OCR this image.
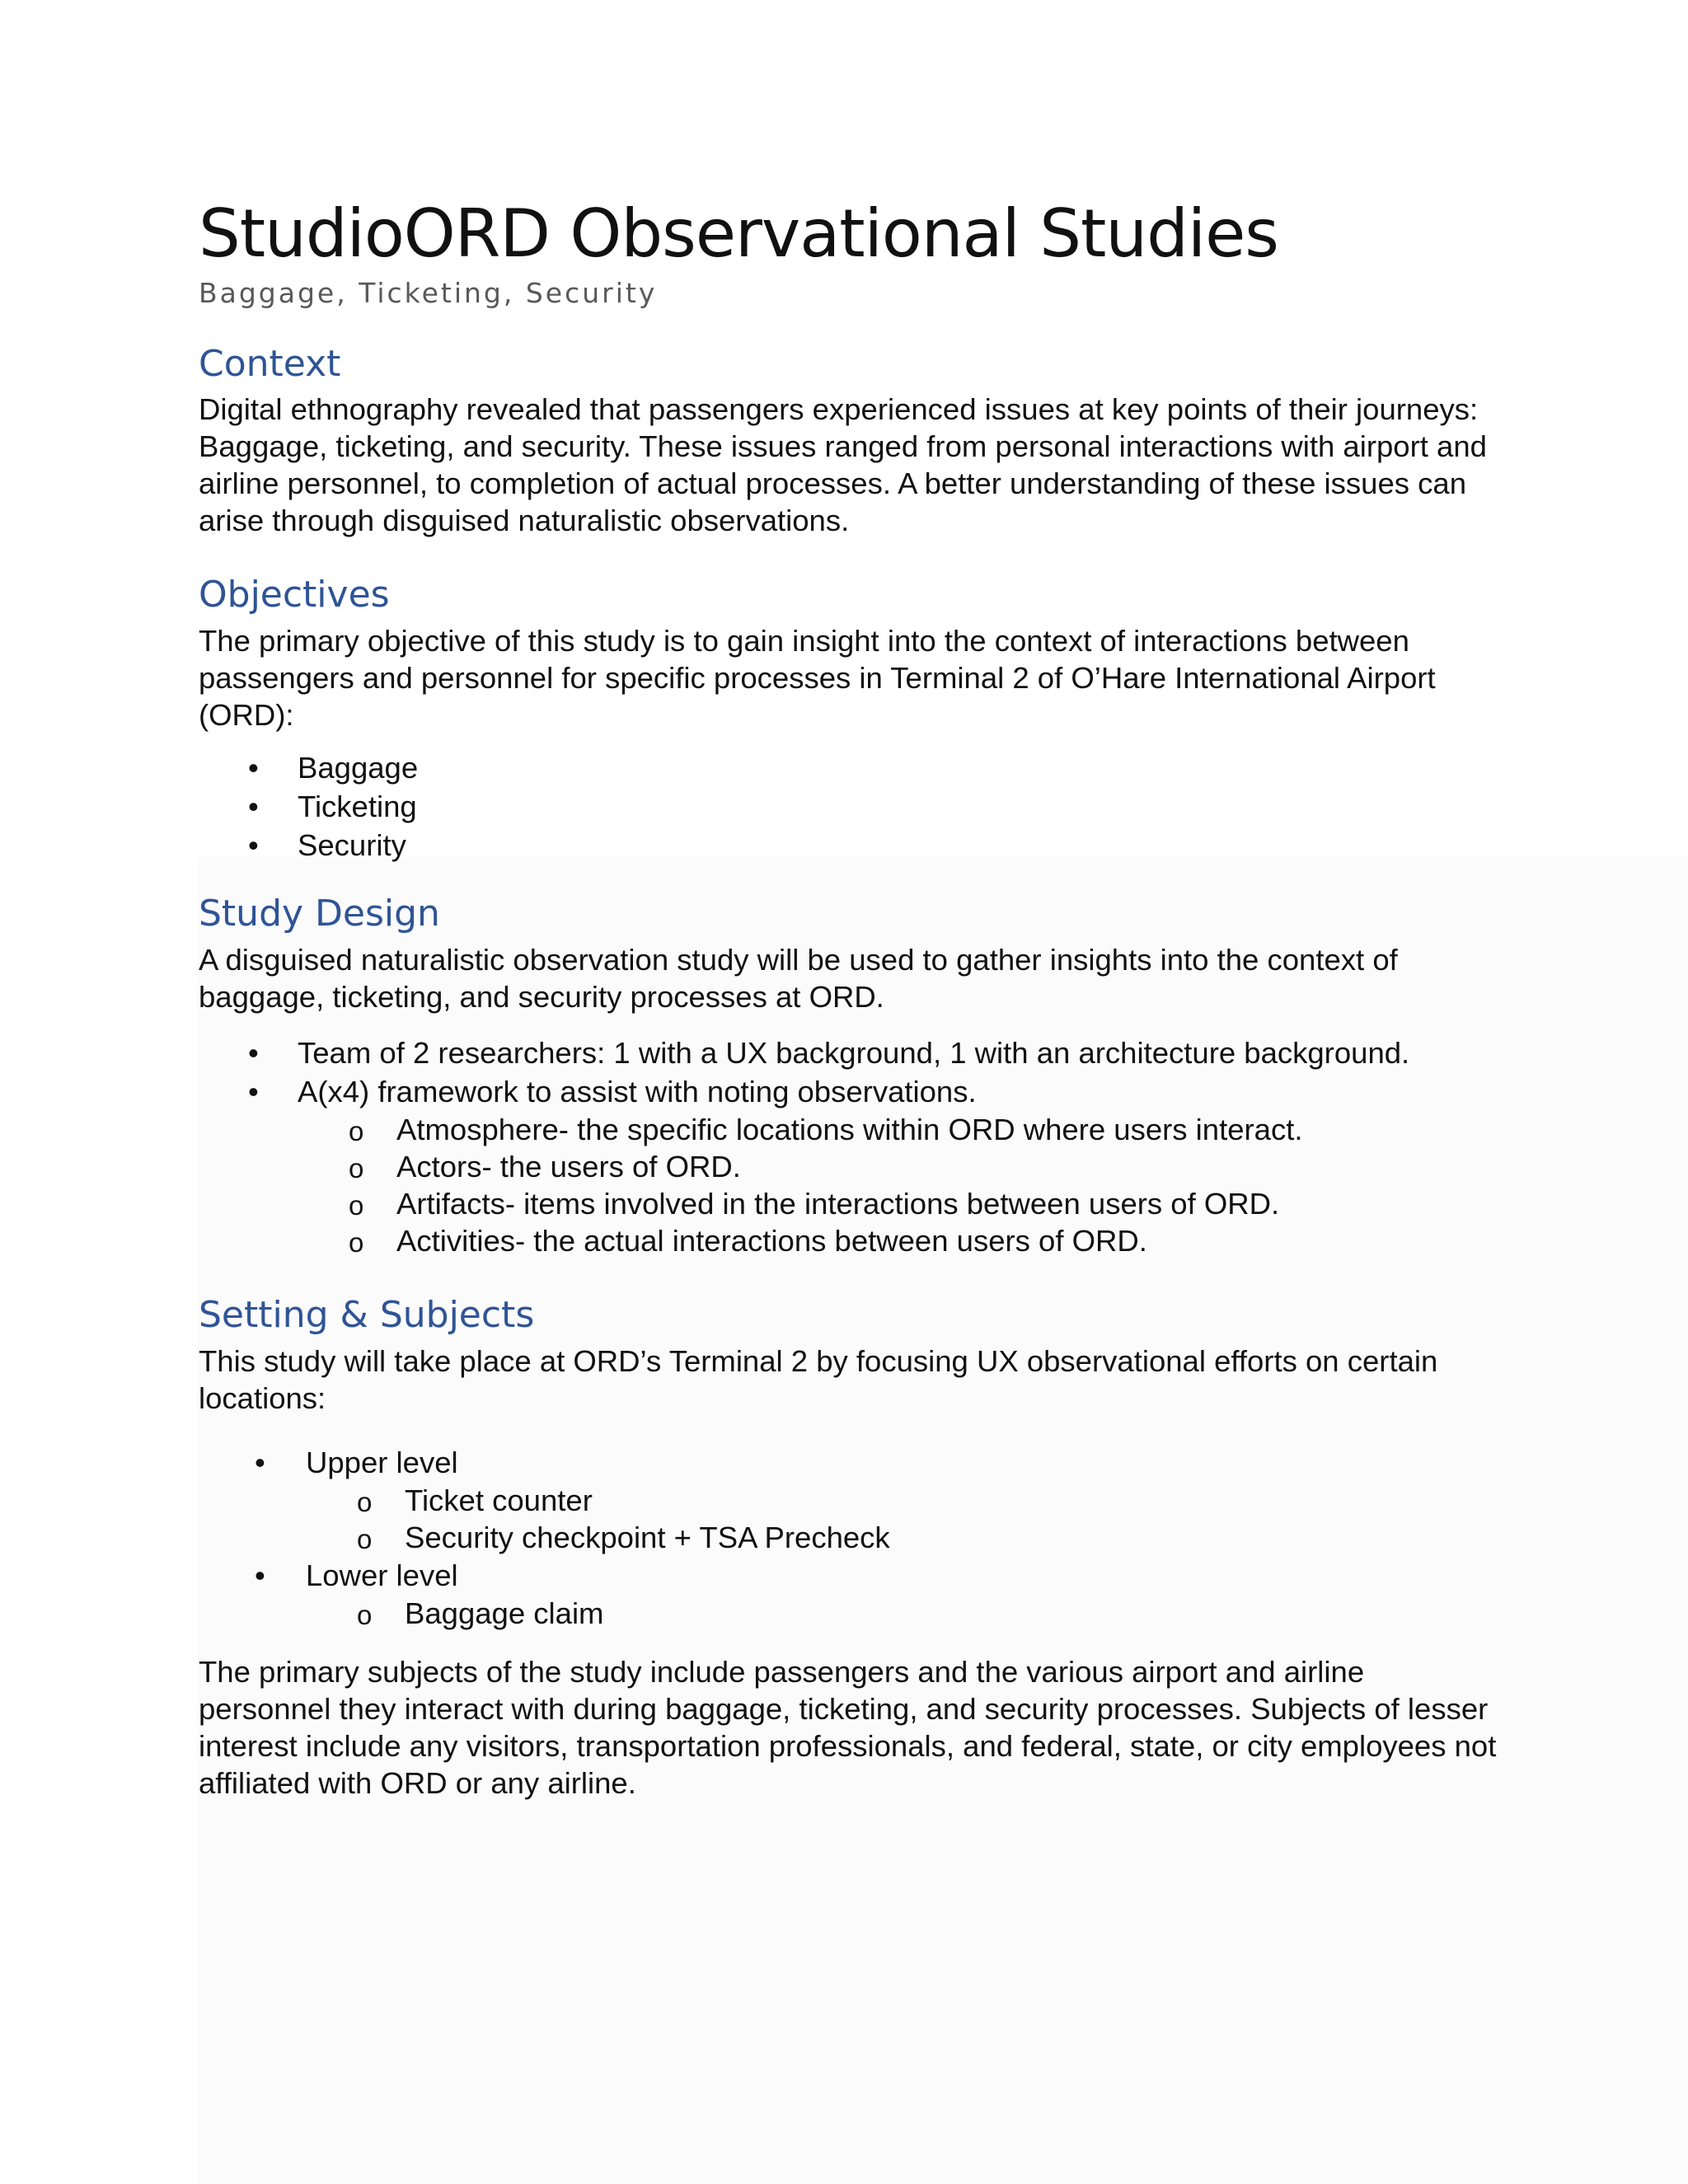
StudioORD Observational Studies
Baggage, Ticketing, Security
Context

Digital ethnography revealed that passengers experienced issues at key points of their journeys: Baggage, ticketing, and security. These issues ranged from personal interactions with airport and airline personnel, to completion of actual processes. A better understanding of these issues can arise through disguised naturalistic observations.

Objectives

The primary objective of this study is to gain insight into the context of interactions between passengers and personnel for specific processes in Terminal 2 of O’Hare International Airport (ORD):

• Baggage
• Ticketing
• Security
Study Design

A disguised naturalistic observation study will be used to gather insights into the context of baggage, ticketing, and security processes at ORD.

• Team of 2 researchers: 1 with a UX background, 1 with an architecture background.
• A(x4) framework to assist with noting observations.
o Atmosphere- the specific locations within ORD where users interact.
o Actors- the users of ORD.
o Artifacts- items involved in the interactions between users of ORD.
o Activities- the actual interactions between users of ORD.
Setting & Subjects

This study will take place at ORD’s Terminal 2 by focusing UX observational efforts on certain locations:

• Upper level
o Ticket counter
o Security checkpoint + TSA Precheck
• Lower level
o Baggage claim

The primary subjects of the study include passengers and the various airport and airline personnel they interact with during baggage, ticketing, and security processes. Subjects of lesser interest include any visitors, transportation professionals, and federal, state, or city employees not affiliated with ORD or any airline.
